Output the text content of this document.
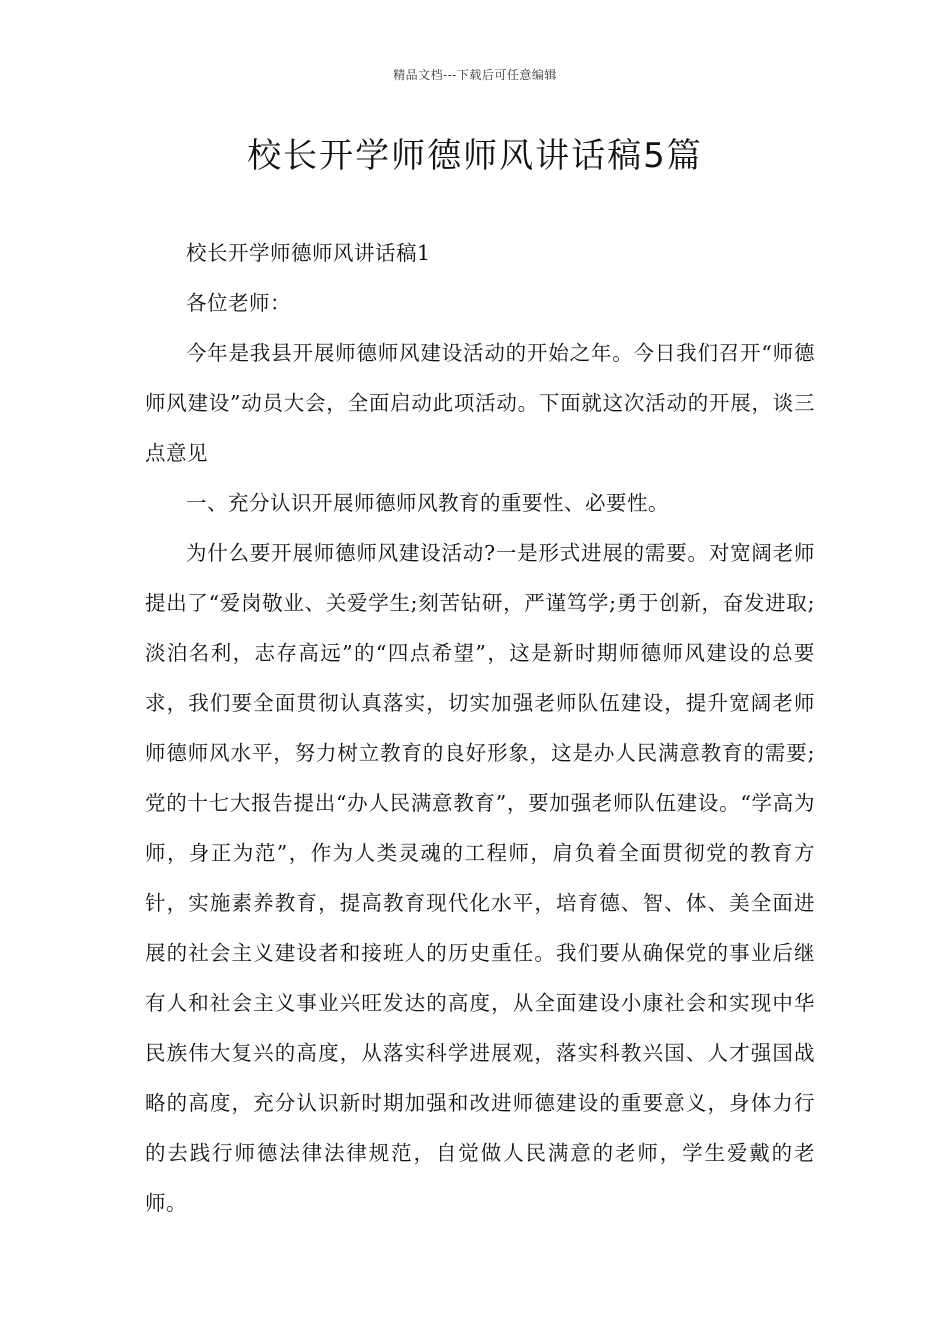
精品文档---下载后可任意编辑
校长开学师德师风讲话稿5篇

校长开学师德师风讲话稿1

各位老师：

今年是我县开展师德师风建设活动的开始之年。今日我们召开“师德师风建设”动员大会，全面启动此项活动。下面就这次活动的开展，谈三点意见

一、充分认识开展师德师风教育的重要性、必要性。

为什么要开展师德师风建设活动?一是形式进展的需要。对宽阔老师提出了“爱岗敬业、关爱学生;刻苦钻研，严谨笃学;勇于创新，奋发进取;淡泊名利，志存高远”的“四点希望”，这是新时期师德师风建设的总要求，我们要全面贯彻认真落实，切实加强老师队伍建设，提升宽阔老师师德师风水平，努力树立教育的良好形象，这是办人民满意教育的需要;党的十七大报告提出“办人民满意教育”，要加强老师队伍建设。“学高为师，身正为范”，作为人类灵魂的工程师，肩负着全面贯彻党的教育方针，实施素养教育，提高教育现代化水平，培育德、智、体、美全面进展的社会主义建设者和接班人的历史重任。我们要从确保党的事业后继有人和社会主义事业兴旺发达的高度，从全面建设小康社会和实现中华民族伟大复兴的高度，从落实科学进展观，落实科教兴国、人才强国战略的高度，充分认识新时期加强和改进师德建设的重要意义，身体力行的去践行师德法律法律规范，自觉做人民满意的老师，学生爱戴的老师。
